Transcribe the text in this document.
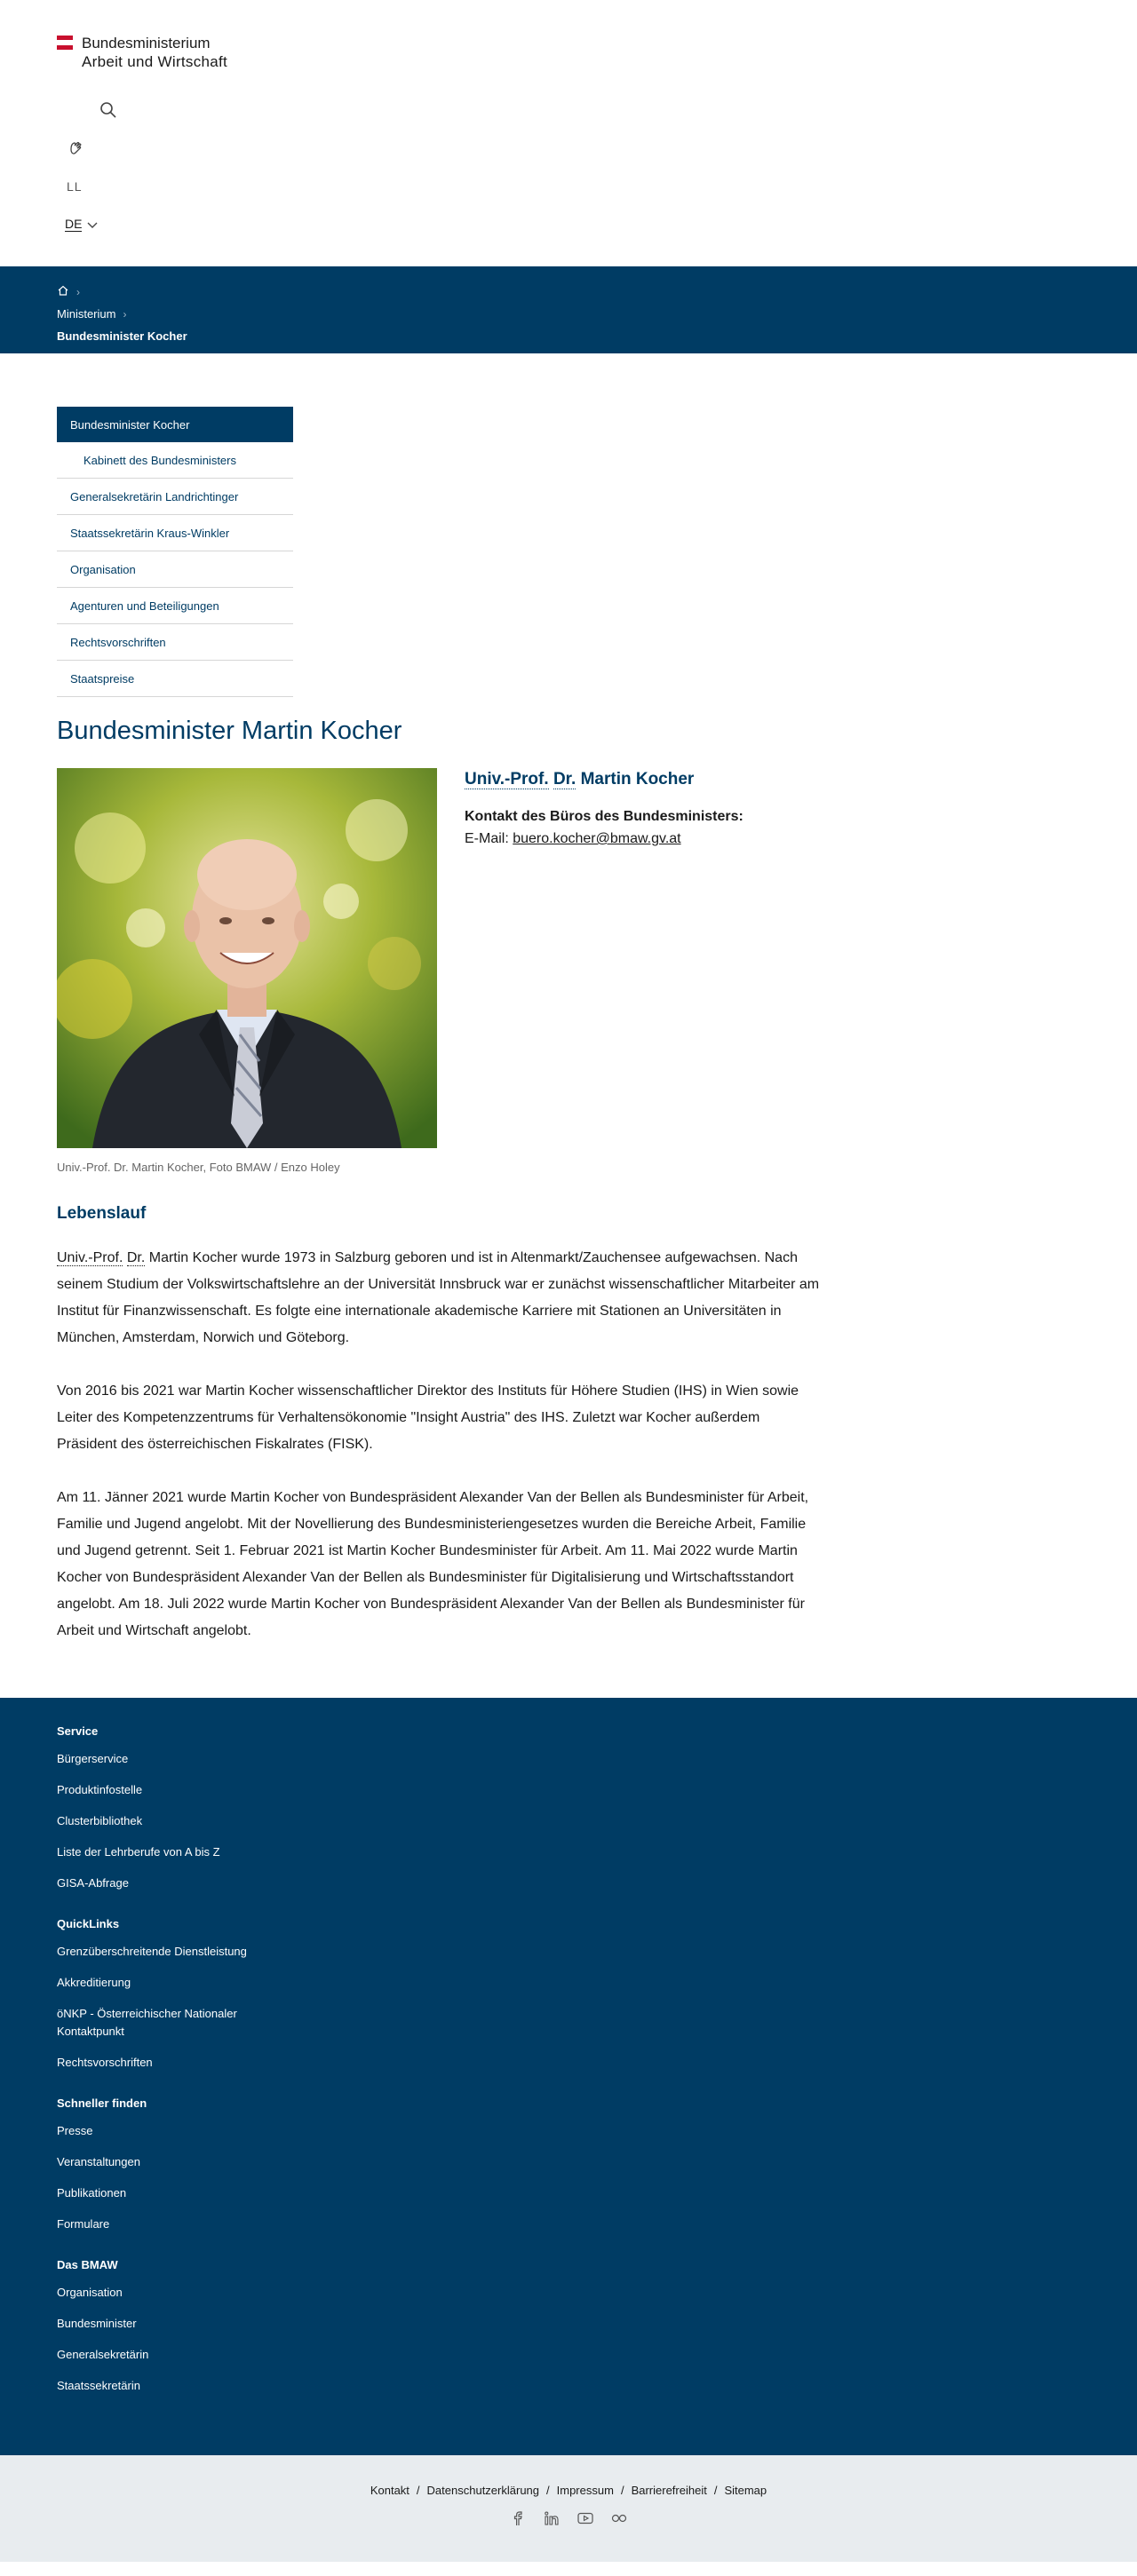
Bundesministerium
Arbeit und Wirtschaft
LL
DE
›
Ministerium ›
Bundesminister Kocher
Bundesminister Kocher
Kabinett des Bundesministers
Generalsekretärin Landrichtinger
Staatssekretärin Kraus-Winkler
Organisation
Agenturen und Beteiligungen
Rechtsvorschriften
Staatspreise
Bundesminister Martin Kocher
Univ.-Prof. Dr. Martin Kocher
Kontakt des Büros des Bundesministers:
E-Mail: buero.kocher@bmaw.gv.at
Univ.-Prof. Dr. Martin Kocher, Foto BMAW / Enzo Holey
Lebenslauf

Univ.-Prof. Dr. Martin Kocher wurde 1973 in Salzburg geboren und ist in Altenmarkt/Zauchensee aufgewachsen. Nach seinem Studium der Volkswirtschaftslehre an der Universität Innsbruck war er zunächst wissenschaftlicher Mitarbeiter am Institut für Finanzwissenschaft. Es folgte eine internationale akademische Karriere mit Stationen an Universitäten in München, Amsterdam, Norwich und Göteborg.

Von 2016 bis 2021 war Martin Kocher wissenschaftlicher Direktor des Instituts für Höhere Studien (IHS) in Wien sowie Leiter des Kompetenzzentrums für Verhaltensökonomie "Insight Austria" des IHS. Zuletzt war Kocher außerdem Präsident des österreichischen Fiskalrates (FISK).

Am 11. Jänner 2021 wurde Martin Kocher von Bundespräsident Alexander Van der Bellen als Bundesminister für Arbeit, Familie und Jugend angelobt. Mit der Novellierung des Bundesministeriengesetzes wurden die Bereiche Arbeit, Familie und Jugend getrennt. Seit 1. Februar 2021 ist Martin Kocher Bundesminister für Arbeit. Am 11. Mai 2022 wurde Martin Kocher von Bundespräsident Alexander Van der Bellen als Bundesminister für Digitalisierung und Wirtschaftsstandort angelobt. Am 18. Juli 2022 wurde Martin Kocher von Bundespräsident Alexander Van der Bellen als Bundesminister für Arbeit und Wirtschaft angelobt.

Service
Bürgerservice
Produktinfostelle
Clusterbibliothek
Liste der Lehrberufe von A bis Z
GISA-Abfrage
QuickLinks
Grenzüberschreitende Dienstleistung
Akkreditierung
öNKP - Österreichischer Nationaler Kontaktpunkt
Rechtsvorschriften
Schneller finden
Presse
Veranstaltungen
Publikationen
Formulare
Das BMAW
Organisation
Bundesminister
Generalsekretärin
Staatssekretärin
Kontakt / Datenschutzerklärung / Impressum / Barrierefreiheit / Sitemap
